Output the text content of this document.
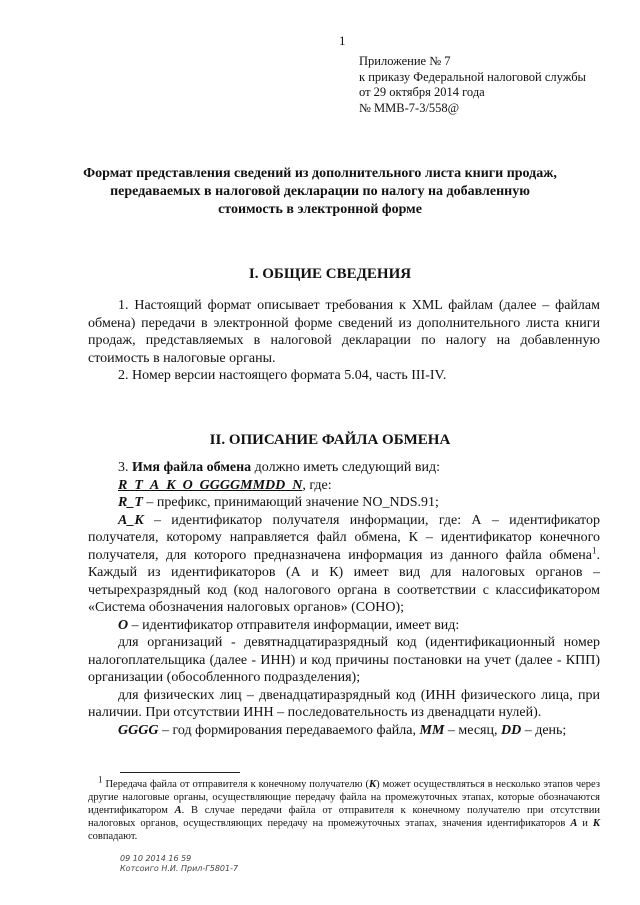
1
Приложение № 7
к приказу Федеральной налоговой службы
от 29 октября 2014 года
№ ММВ-7-3/558@
Формат представления сведений из дополнительного листа книги продаж, передаваемых в налоговой декларации по налогу на добавленную стоимость в электронной форме
I. ОБЩИЕ СВЕДЕНИЯ

1. Настоящий формат описывает требования к XML файлам (далее – файлам обмена) передачи в электронной форме сведений из дополнительного листа книги продаж, представляемых в налоговой декларации по налогу на добавленную стоимость в налоговые органы.

2. Номер версии настоящего формата 5.04, часть III-IV.

II. ОПИСАНИЕ ФАЙЛА ОБМЕНА

3. Имя файла обмена должно иметь следующий вид:

R_T_A_K_O_GGGGMMDD_N, где:

R_T – префикс, принимающий значение NO_NDS.91;

A_K – идентификатор получателя информации, где: А – идентификатор получателя, которому направляется файл обмена, К – идентификатор конечного получателя, для которого предназначена информация из данного файла обмена$^1$. Каждый из идентификаторов (А и К) имеет вид для налоговых органов – четырехразрядный код (код налогового органа в соответствии с классификатором «Система обозначения налоговых органов» (СОНО);

O – идентификатор отправителя информации, имеет вид:

для организаций - девятнадцатиразрядный код (идентификационный номер налогоплательщика (далее - ИНН) и код причины постановки на учет (далее - КПП) организации (обособленного подразделения);

для физических лиц – двенадцатиразрядный код (ИНН физического лица, при наличии. При отсутствии ИНН – последовательность из двенадцати нулей).

GGGG – год формирования передаваемого файла, MM – месяц, DD – день;

$^1$ Передача файла от отправителя к конечному получателю (К) может осуществляться в несколько этапов через другие налоговые органы, осуществляющие передачу файла на промежуточных этапах, которые обозначаются идентификатором А. В случае передачи файла от отправителя к конечному получателю при отсутствии налоговых органов, осуществляющих передачу на промежуточных этапах, значения идентификаторов А и К совпадают.

09 10 2014 16 59
Котсоиго Н.И. Прил-Г5801-7
